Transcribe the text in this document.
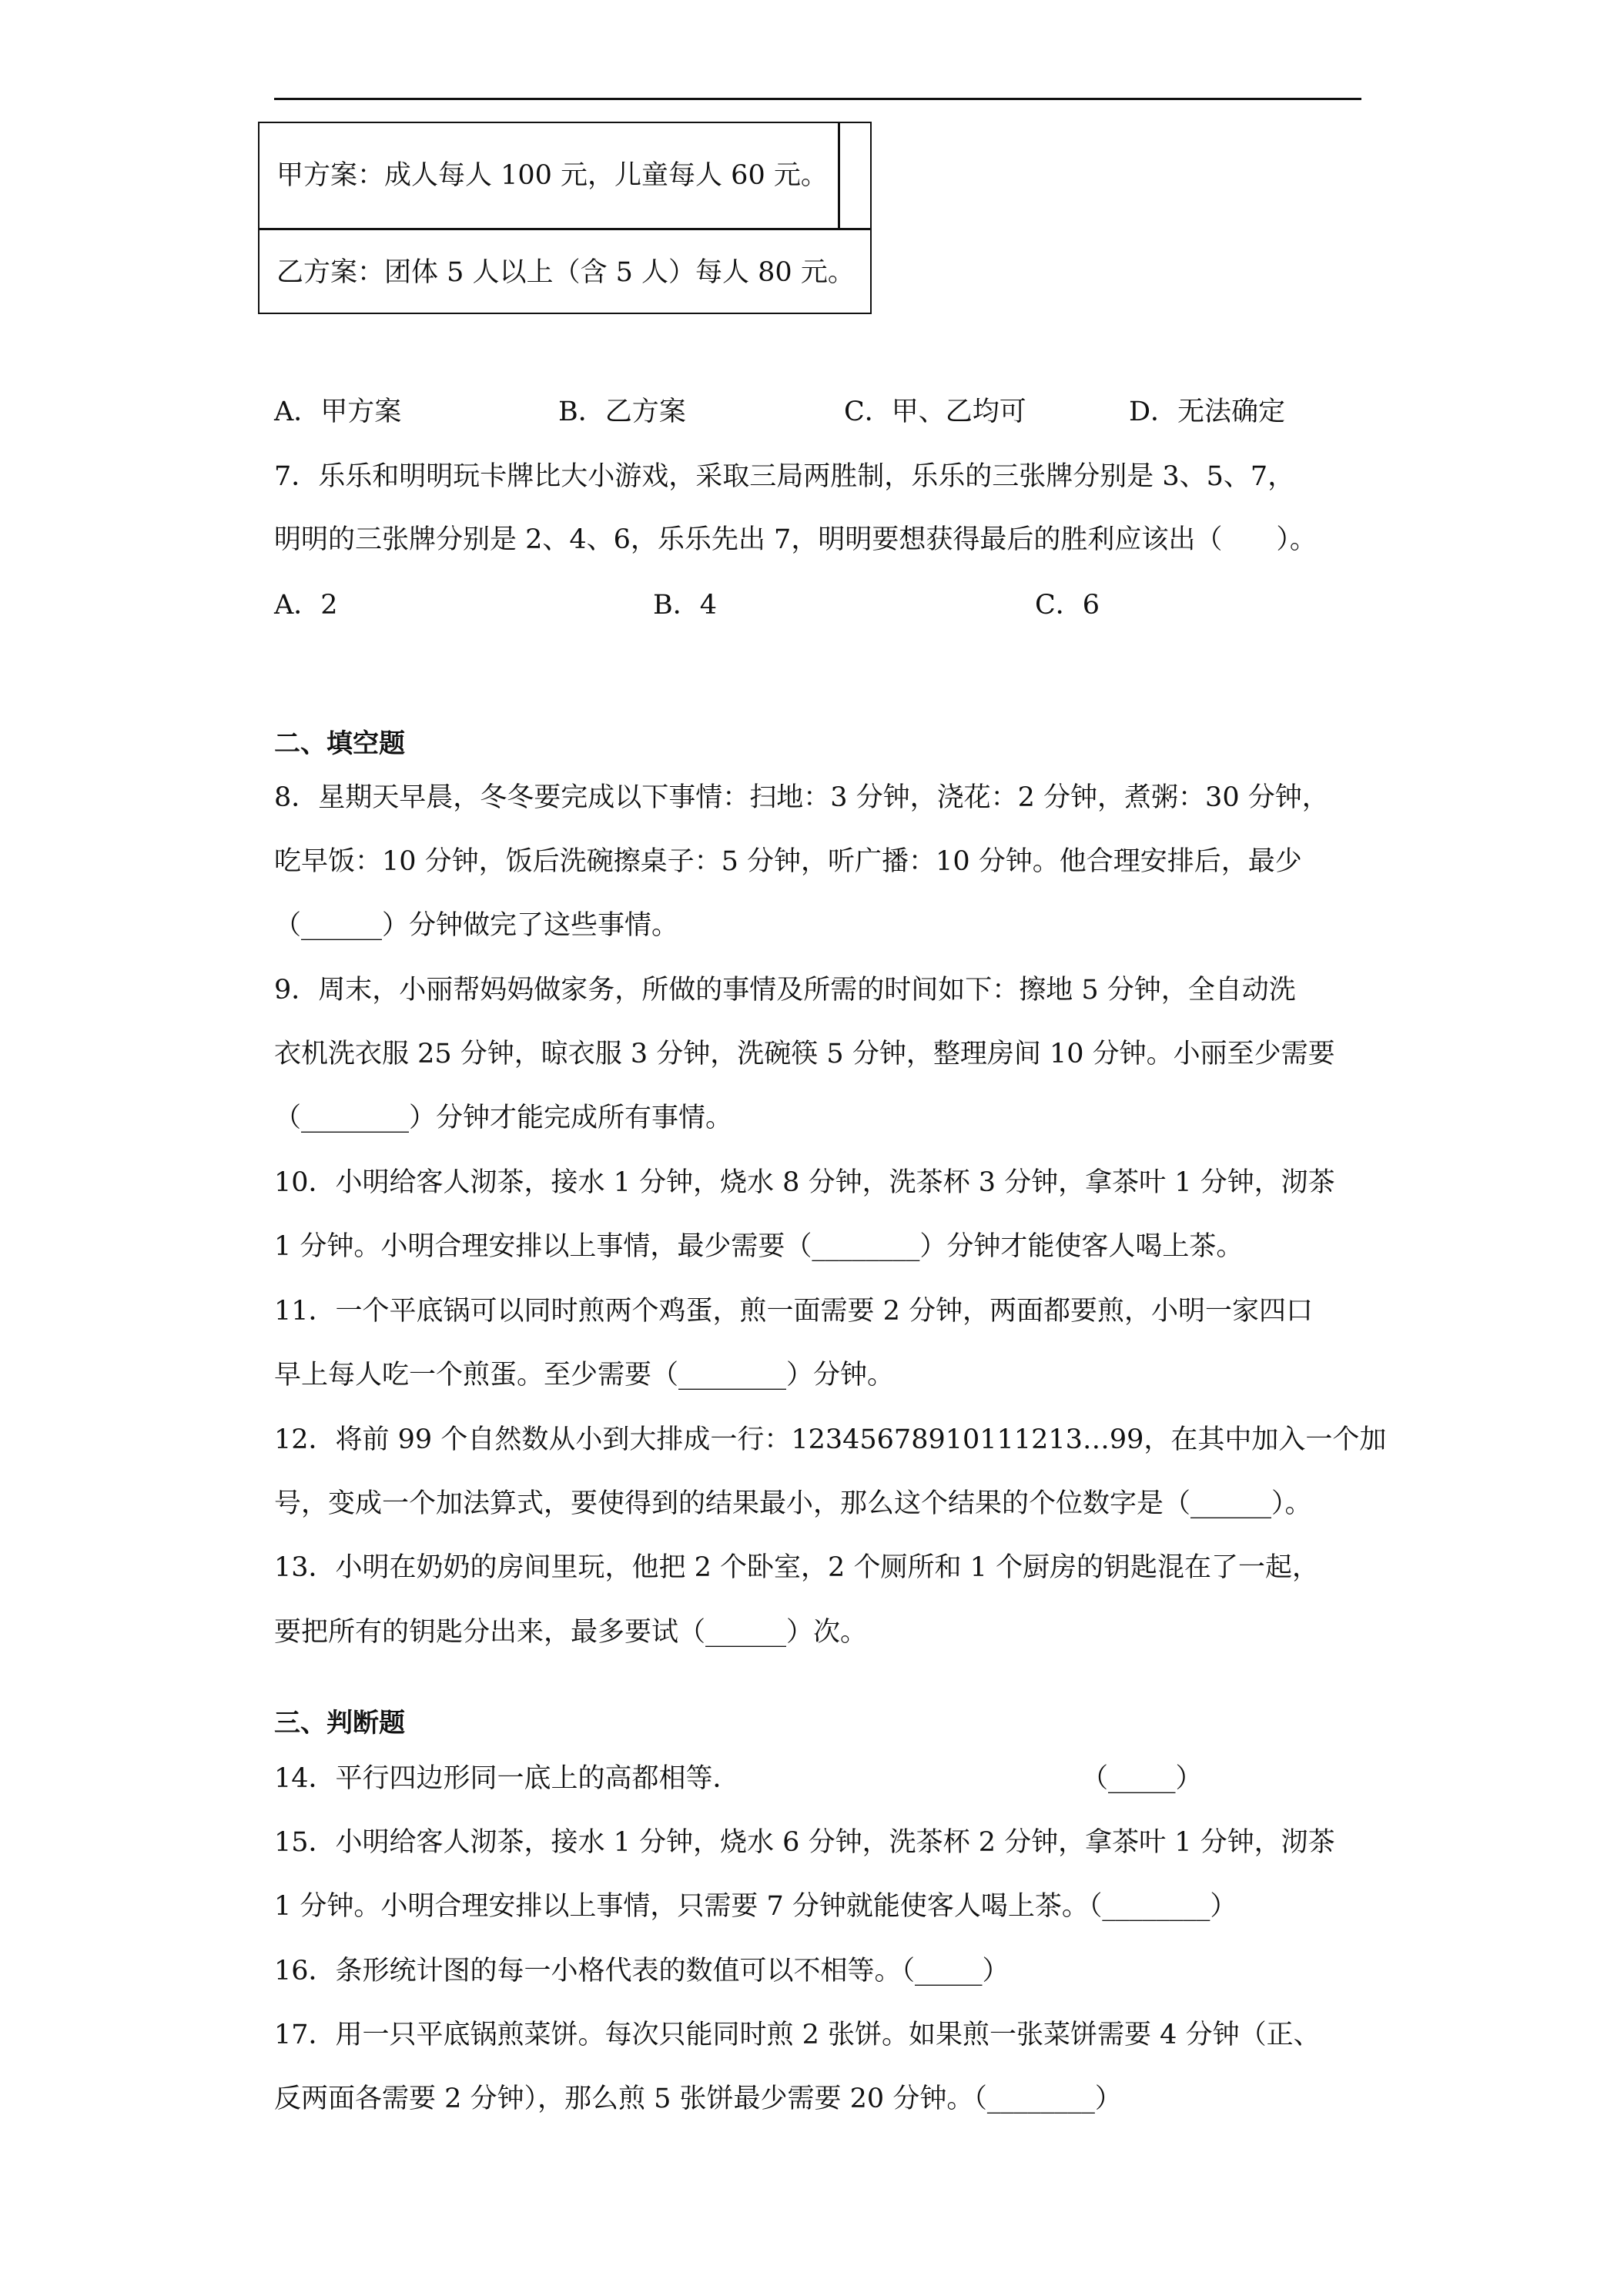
甲方案：成人每人 100 元，儿童每人 60 元。
乙方案：团体 5 人以上（含 5 人）每人 80 元。
A．甲方案	B．乙方案	C．甲、乙均可	D．无法确定
7．乐乐和明明玩卡牌比大小游戏，采取三局两胜制，乐乐的三张牌分别是 3、5、7，
明明的三张牌分别是 2、4、6，乐乐先出 7，明明要想获得最后的胜利应该出（　　）。
A．2	B．4	C．6
二、填空题
8．星期天早晨，冬冬要完成以下事情：扫地：3 分钟，浇花：2 分钟，煮粥：30 分钟，
吃早饭：10 分钟，饭后洗碗擦桌子：5 分钟，听广播：10 分钟。他合理安排后，最少
（______）分钟做完了这些事情。
9．周末，小丽帮妈妈做家务，所做的事情及所需的时间如下：擦地 5 分钟，全自动洗
衣机洗衣服 25 分钟，晾衣服 3 分钟，洗碗筷 5 分钟，整理房间 10 分钟。小丽至少需要
（________）分钟才能完成所有事情。
10．小明给客人沏茶，接水 1 分钟，烧水 8 分钟，洗茶杯 3 分钟，拿茶叶 1 分钟，沏茶
1 分钟。小明合理安排以上事情，最少需要（________）分钟才能使客人喝上茶。
11．一个平底锅可以同时煎两个鸡蛋，煎一面需要 2 分钟，两面都要煎，小明一家四口
早上每人吃一个煎蛋。至少需要（________）分钟。
12．将前 99 个自然数从小到大排成一行：12345678910111213…99，在其中加入一个加
号，变成一个加法算式，要使得到的结果最小，那么这个结果的个位数字是（______）。
13．小明在奶奶的房间里玩，他把 2 个卧室，2 个厕所和 1 个厨房的钥匙混在了一起，
要把所有的钥匙分出来，最多要试（______）次。
三、判断题
14．平行四边形同一底上的高都相等．	（_____）
15．小明给客人沏茶，接水 1 分钟，烧水 6 分钟，洗茶杯 2 分钟，拿茶叶 1 分钟，沏茶
1 分钟。小明合理安排以上事情，只需要 7 分钟就能使客人喝上茶。（________）
16．条形统计图的每一小格代表的数值可以不相等。（_____）
17．用一只平底锅煎菜饼。每次只能同时煎 2 张饼。如果煎一张菜饼需要 4 分钟（正、
反两面各需要 2 分钟），那么煎 5 张饼最少需要 20 分钟。（________）
